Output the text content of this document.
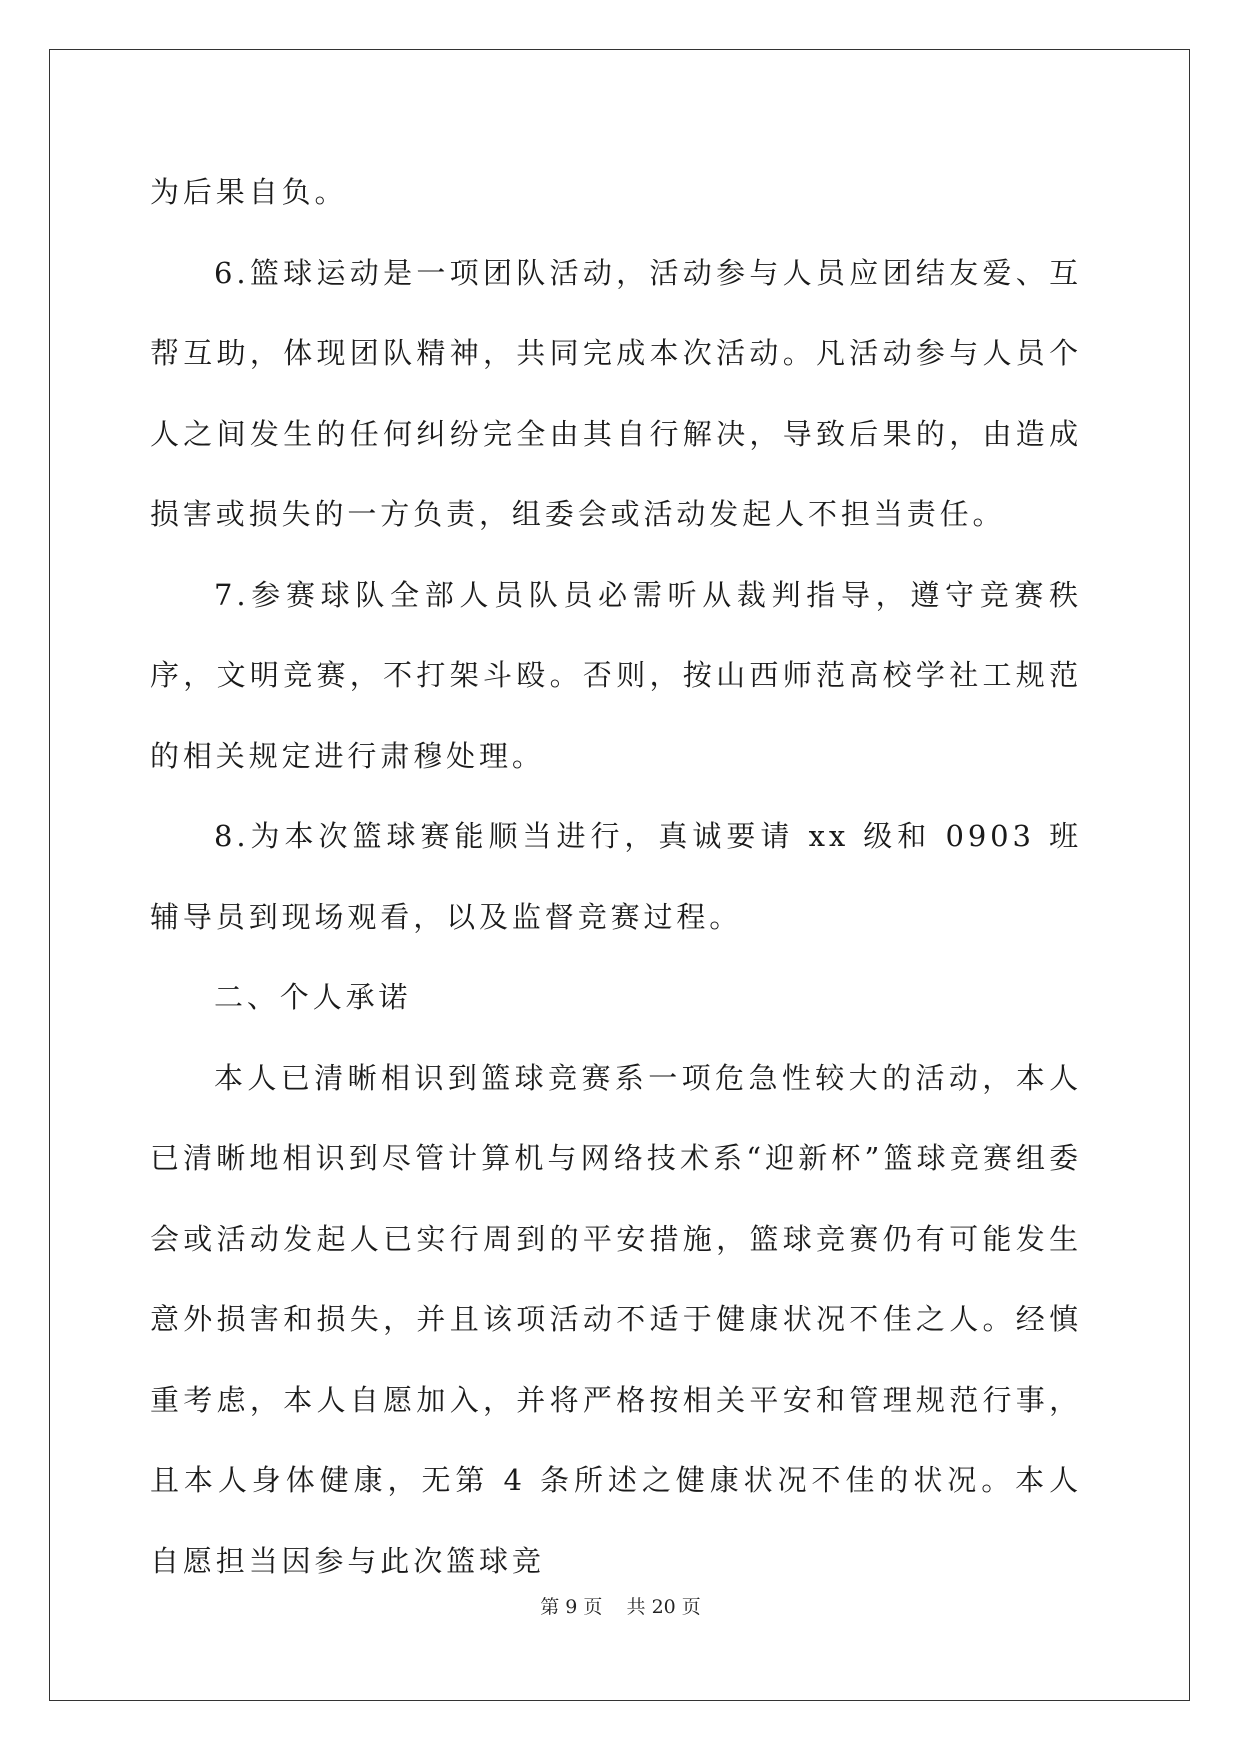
为后果自负。

6.篮球运动是一项团队活动，活动参与人员应团结友爱、互帮互助，体现团队精神，共同完成本次活动。凡活动参与人员个人之间发生的任何纠纷完全由其自行解决，导致后果的，由造成损害或损失的一方负责，组委会或活动发起人不担当责任。

7.参赛球队全部人员队员必需听从裁判指导，遵守竞赛秩序，文明竞赛，不打架斗殴。否则，按山西师范高校学社工规范的相关规定进行肃穆处理。

8.为本次篮球赛能顺当进行，真诚要请 xx 级和 0903 班辅导员到现场观看，以及监督竞赛过程。

二、个人承诺

本人已清晰相识到篮球竞赛系一项危急性较大的活动，本人已清晰地相识到尽管计算机与网络技术系“迎新杯”篮球竞赛组委会或活动发起人已实行周到的平安措施，篮球竞赛仍有可能发生意外损害和损失，并且该项活动不适于健康状况不佳之人。经慎重考虑，本人自愿加入，并将严格按相关平安和管理规范行事，且本人身体健康，无第 4 条所述之健康状况不佳的状况。本人自愿担当因参与此次篮球竞

第 9 页 共 20 页
